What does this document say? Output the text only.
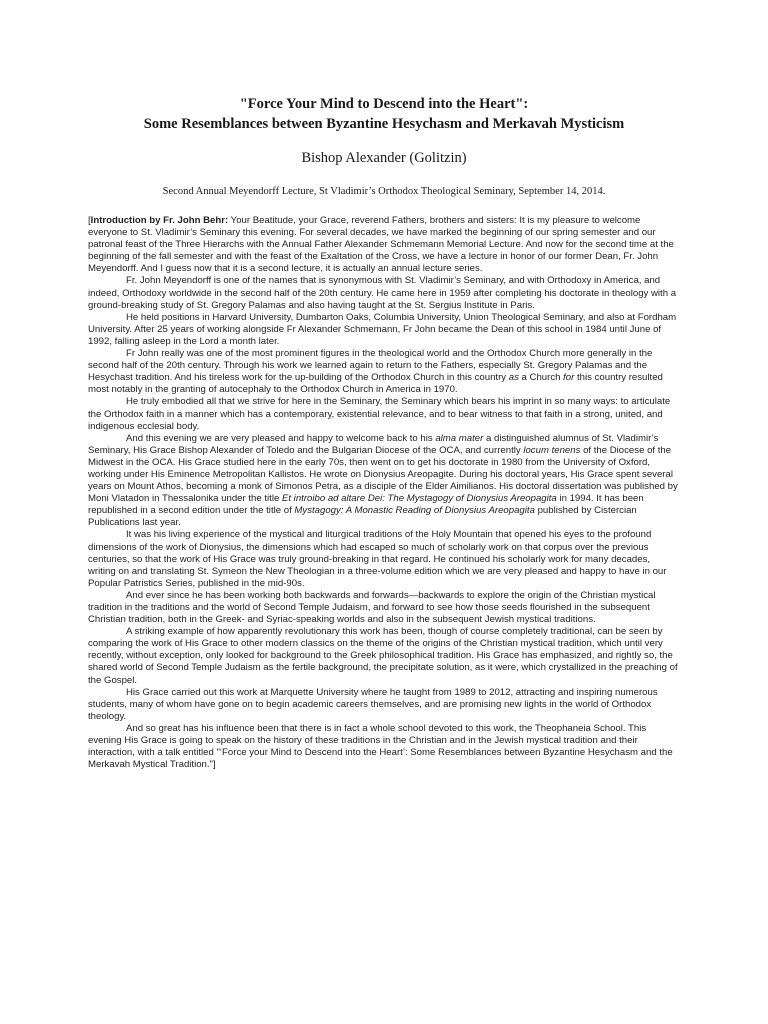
"Force Your Mind to Descend into the Heart":

Some Resemblances between Byzantine Hesychasm and Merkavah Mysticism

Bishop Alexander (Golitzin)
Second Annual Meyendorff Lecture, St Vladimir’s Orthodox Theological Seminary, September 14, 2014.

[Introduction by Fr. John Behr: Your Beatitude, your Grace, reverend Fathers, brothers and sisters: It is my pleasure to welcome everyone to St. Vladimir’s Seminary this evening. For several decades, we have marked the beginning of our spring semester and our patronal feast of the Three Hierarchs with the Annual Father Alexander Schmemann Memorial Lecture. And now for the second time at the beginning of the fall semester and with the feast of the Exaltation of the Cross, we have a lecture in honor of our former Dean, Fr. John Meyendorff. And I guess now that it is a second lecture, it is actually an annual lecture series.

Fr. John Meyendorff is one of the names that is synonymous with St. Vladimir’s Seminary, and with Orthodoxy in America, and indeed, Orthodoxy worldwide in the second half of the 20th century. He came here in 1959 after completing his doctorate in theology with a ground-breaking study of St. Gregory Palamas and also having taught at the St. Sergius Institute in Paris.

He held positions in Harvard University, Dumbarton Oaks, Columbia University, Union Theological Seminary, and also at Fordham University. After 25 years of working alongside Fr Alexander Schmemann, Fr John became the Dean of this school in 1984 until June of 1992, falling asleep in the Lord a month later.

Fr John really was one of the most prominent figures in the theological world and the Orthodox Church more generally in the second half of the 20th century. Through his work we learned again to return to the Fathers, especially St. Gregory Palamas and the Hesychast tradition. And his tireless work for the up-building of the Orthodox Church in this country as a Church for this country resulted most notably in the granting of autocephaly to the Orthodox Church in America in 1970.

He truly embodied all that we strive for here in the Seminary, the Seminary which bears his imprint in so many ways: to articulate the Orthodox faith in a manner which has a contemporary, existential relevance, and to bear witness to that faith in a strong, united, and indigenous ecclesial body.

And this evening we are very pleased and happy to welcome back to his alma mater a distinguished alumnus of St. Vladimir’s Seminary, His Grace Bishop Alexander of Toledo and the Bulgarian Diocese of the OCA, and currently locum tenens of the Diocese of the Midwest in the OCA. His Grace studied here in the early 70s, then went on to get his doctorate in 1980 from the University of Oxford, working under His Eminence Metropolitan Kallistos. He wrote on Dionysius Areopagite. During his doctoral years, His Grace spent several years on Mount Athos, becoming a monk of Simonos Petra, as a disciple of the Elder Aimilianos. His doctoral dissertation was published by Moni Vlatadon in Thessalonika under the title Et introibo ad altare Dei: The Mystagogy of Dionysius Areopagita in 1994. It has been republished in a second edition under the title of Mystagogy: A Monastic Reading of Dionysius Areopagita published by Cistercian Publications last year.

It was his living experience of the mystical and liturgical traditions of the Holy Mountain that opened his eyes to the profound dimensions of the work of Dionysius, the dimensions which had escaped so much of scholarly work on that corpus over the previous centuries, so that the work of His Grace was truly ground-breaking in that regard. He continued his scholarly work for many decades, writing on and translating St. Symeon the New Theologian in a three-volume edition which we are very pleased and happy to have in our Popular Patristics Series, published in the mid-90s.

And ever since he has been working both backwards and forwards—backwards to explore the origin of the Christian mystical tradition in the traditions and the world of Second Temple Judaism, and forward to see how those seeds flourished in the subsequent Christian tradition, both in the Greek- and Syriac-speaking worlds and also in the subsequent Jewish mystical traditions.

A striking example of how apparently revolutionary this work has been, though of course completely traditional, can be seen by comparing the work of His Grace to other modern classics on the theme of the origins of the Christian mystical tradition, which until very recently, without exception, only looked for background to the Greek philosophical tradition. His Grace has emphasized, and rightly so, the shared world of Second Temple Judaism as the fertile background, the precipitate solution, as it were, which crystallized in the preaching of the Gospel.

His Grace carried out this work at Marquette University where he taught from 1989 to 2012, attracting and inspiring numerous students, many of whom have gone on to begin academic careers themselves, and are promising new lights in the world of Orthodox theology.

And so great has his influence been that there is in fact a whole school devoted to this work, the Theophaneia School. This evening His Grace is going to speak on the history of these traditions in the Christian and in the Jewish mystical tradition and their interaction, with a talk entitled "‘Force your Mind to Descend into the Heart’: Some Resemblances between Byzantine Hesychasm and the Merkavah Mystical Tradition."]
